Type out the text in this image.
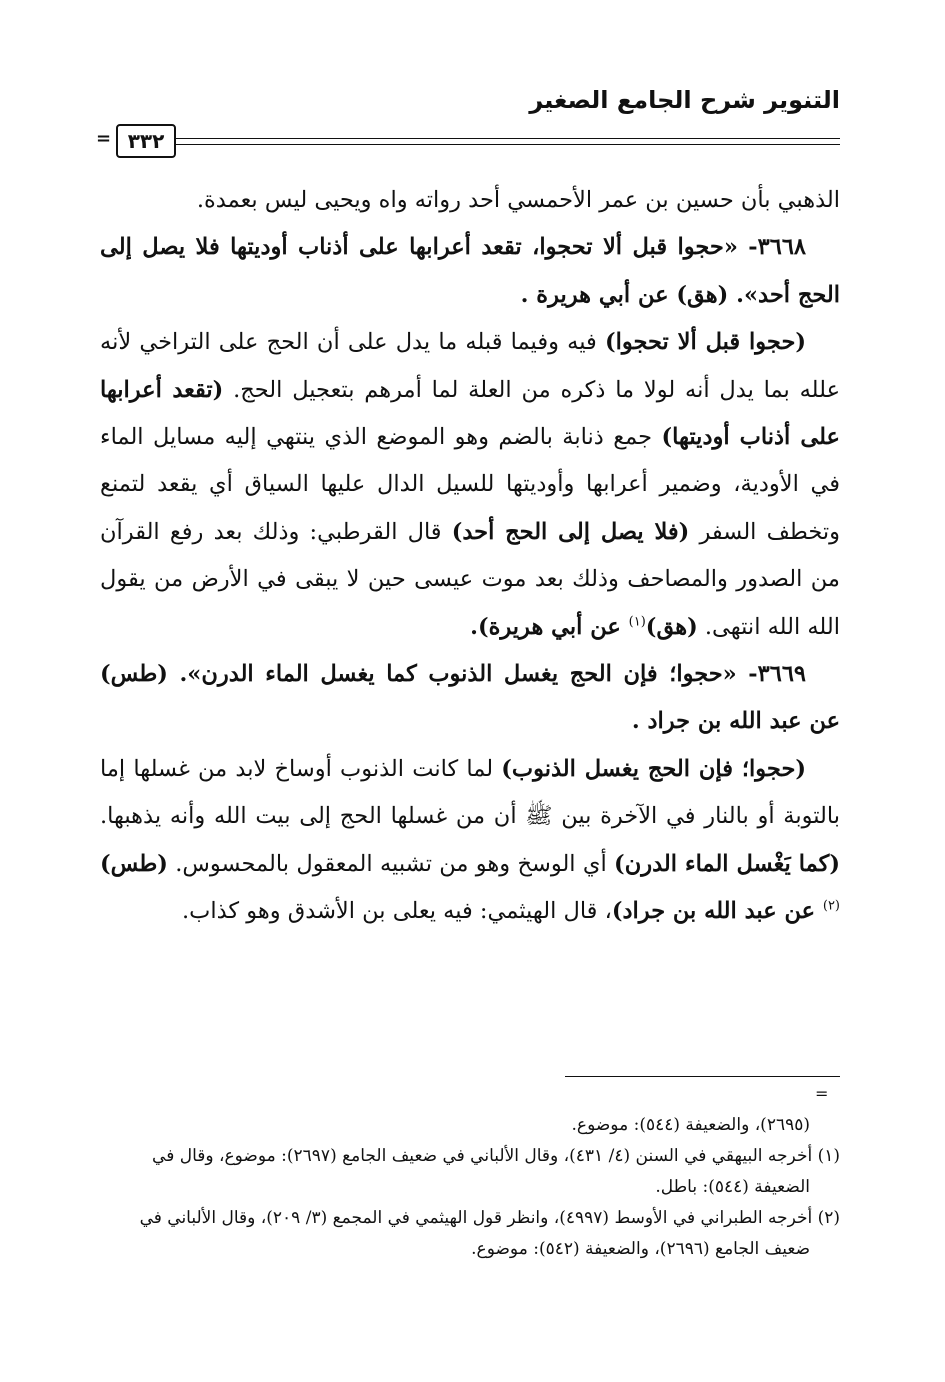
التنوير شرح الجامع الصغير
= ٣٣٢

الذهبي بأن حسين بن عمر الأحمسي أحد رواته واه ويحيى ليس بعمدة.

٣٦٦٨- «حجوا قبل ألا تحجوا، تقعد أعرابها على أذناب أوديتها فلا يصل إلى الحج أحد». (هق) عن أبي هريرة .

(حجوا قبل ألا تحجوا) فيه وفيما قبله ما يدل على أن الحج على التراخي لأنه علله بما يدل أنه لولا ما ذكره من العلة لما أمرهم بتعجيل الحج. (تقعد أعرابها على أذناب أوديتها) جمع ذنابة بالضم وهو الموضع الذي ينتهي إليه مسايل الماء في الأودية، وضمير أعرابها وأوديتها للسيل الدال عليها السياق أي يقعد لتمنع وتخطف السفر (فلا يصل إلى الحج أحد) قال القرطبي: وذلك بعد رفع القرآن من الصدور والمصاحف وذلك بعد موت عيسى حين لا يبقى في الأرض من يقول الله الله انتهى. (هق)$^{(١)}$ عن أبي هريرة).

٣٦٦٩- «حجوا؛ فإن الحج يغسل الذنوب كما يغسل الماء الدرن». (طس) عن عبد الله بن جراد .

(حجوا؛ فإن الحج يغسل الذنوب) لما كانت الذنوب أوساخ لابد من غسلها إما بالتوبة أو بالنار في الآخرة بين ﷺ أن من غسلها الحج إلى بيت الله وأنه يذهبها. (كما يَغْسل الماء الدرن) أي الوسخ وهو من تشبيه المعقول بالمحسوس. (طس)$^{(٢)}$ عن عبد الله بن جراد)، قال الهيثمي: فيه يعلى بن الأشدق وهو كذاب.

=

(٢٦٩٥)، والضعيفة (٥٤٤): موضوع.

(١) أخرجه البيهقي في السنن (٤/ ٤٣١)، وقال الألباني في ضعيف الجامع (٢٦٩٧): موضوع، وقال في الضعيفة (٥٤٤): باطل.

(٢) أخرجه الطبراني في الأوسط (٤٩٩٧)، وانظر قول الهيثمي في المجمع (٣/ ٢٠٩)، وقال الألباني في ضعيف الجامع (٢٦٩٦)، والضعيفة (٥٤٢): موضوع.
